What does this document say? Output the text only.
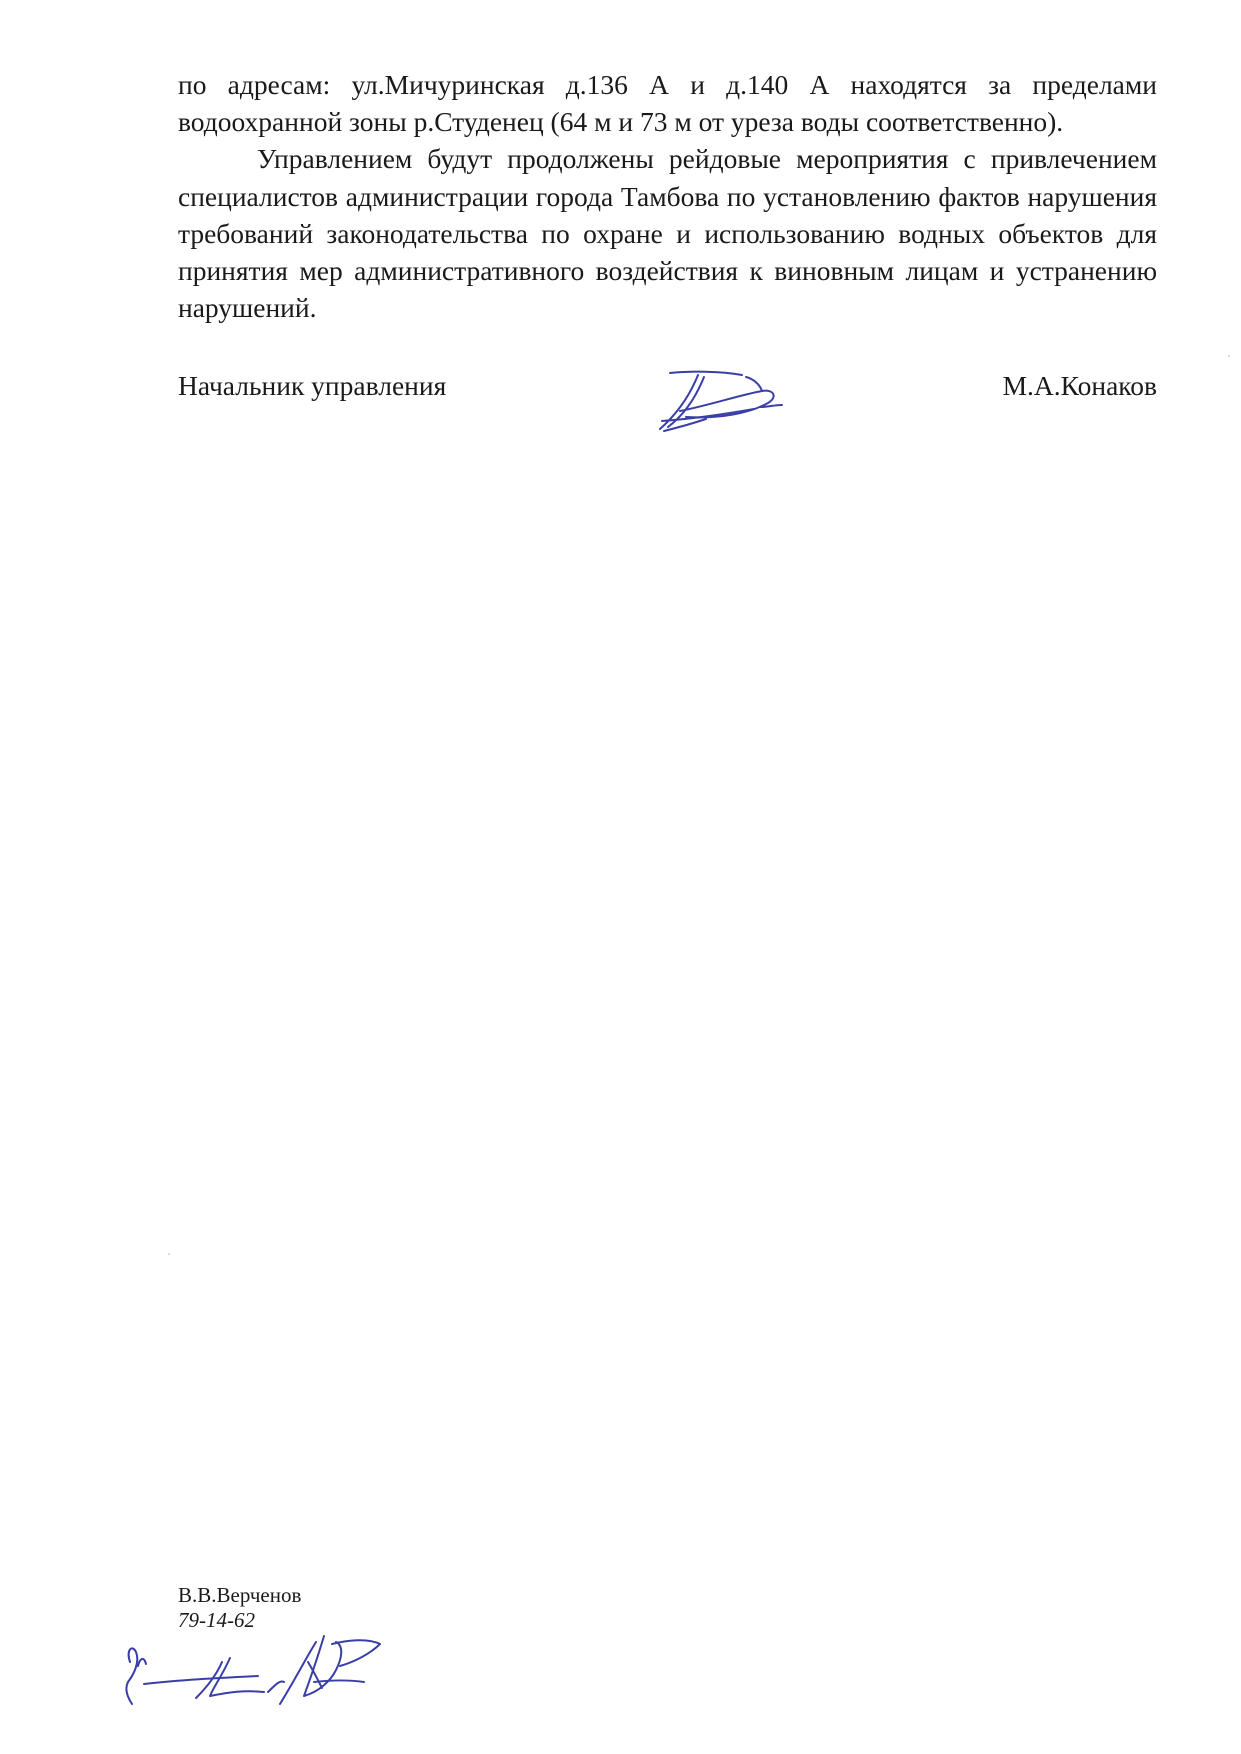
по адресам: ул.Мичуринская д.136 А и д.140 А находятся за пределами водоохранной зоны р.Студенец (64 м и 73 м от уреза воды соответственно).

Управлением будут продолжены рейдовые мероприятия с привлечением специалистов администрации города Тамбова по установлению фактов нарушения требований законодательства по охране и использованию водных объектов для принятия мер административного воздействия к виновным лицам и устранению нарушений.

Начальник управления	М.А.Конаков
В.В.Верченов
79-14-62
